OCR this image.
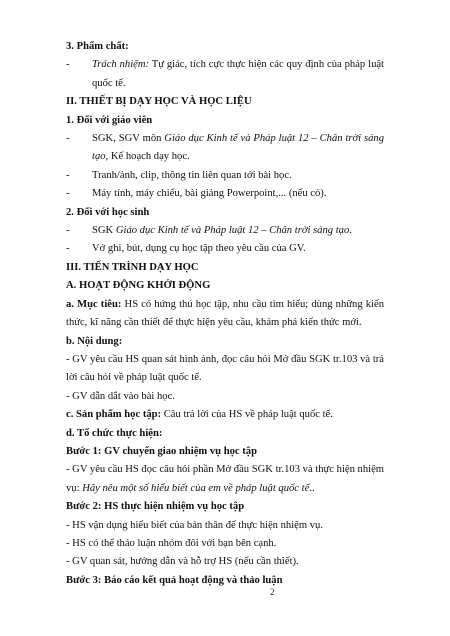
3. Phẩm chất:
- Trách nhiệm: Tự giác, tích cực thực hiện các quy định của pháp luật quốc tế.
II. THIẾT BỊ DẠY HỌC VÀ HỌC LIỆU
1. Đối với giáo viên
- SGK, SGV môn Giáo dục Kinh tế và Pháp luật 12 – Chân trời sáng tạo, Kế hoạch dạy học.
- Tranh/ảnh, clip, thông tin liên quan tới bài học.
- Máy tính, máy chiếu, bài giảng Powerpoint,... (nếu có).
2. Đối với học sinh
- SGK Giáo dục Kinh tế và Pháp luật 12 – Chân trời sáng tạo.
- Vở ghi, bút, dụng cụ học tập theo yêu cầu của GV.
III. TIẾN TRÌNH DẠY HỌC
A. HOẠT ĐỘNG KHỞI ĐỘNG
a. Mục tiêu: HS có hứng thú học tập, nhu cầu tìm hiểu; dùng những kiến thức, kĩ năng cần thiết để thực hiện yêu cầu, khám phá kiến thức mới.
b. Nội dung:
- GV yêu cầu HS quan sát hình ảnh, đọc câu hỏi Mở đầu SGK tr.103 và trả lời câu hỏi về pháp luật quốc tế.
- GV dẫn dắt vào bài học.
c. Sản phẩm học tập: Câu trả lời của HS về pháp luật quốc tế.
d. Tổ chức thực hiện:
Bước 1: GV chuyển giao nhiệm vụ học tập
- GV yêu cầu HS đọc câu hỏi phần Mở đầu SGK tr.103 và thực hiện nhiệm vụ: Hãy nêu một số hiểu biết của em về pháp luật quốc tế..
Bước 2: HS thực hiện nhiệm vụ học tập
- HS vận dụng hiểu biết của bản thân để thực hiện nhiệm vụ.
- HS có thể thảo luận nhóm đôi với bạn bên cạnh.
- GV quan sát, hướng dẫn và hỗ trợ HS (nếu cần thiết).
Bước 3: Báo cáo kết quả hoạt động và thảo luận
2
